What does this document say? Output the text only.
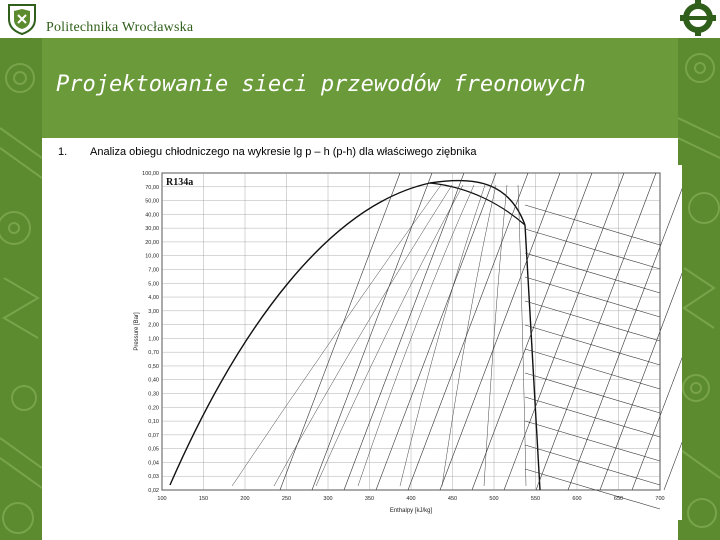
Politechnika Wrocławska
Projektowanie sieci przewodów freonowych
1. Analiza obiegu chłodniczego na wykresie lg p – h (p-h) dla właściwego ziębnika
100,00
70,00
50,00
40,00
30,00
20,00
10,00
7,00
5,00
4,00
3,00
2,00
1,00
0,70
0,50
0,40
0,30
0,20
0,10
0,07
0,05
0,04
0,03
0,02
100	150	200	250	300	350	400	450	500	550	600	650	700
Enthalpy [kJ/kg]
Pressure [Bar]
R134a
